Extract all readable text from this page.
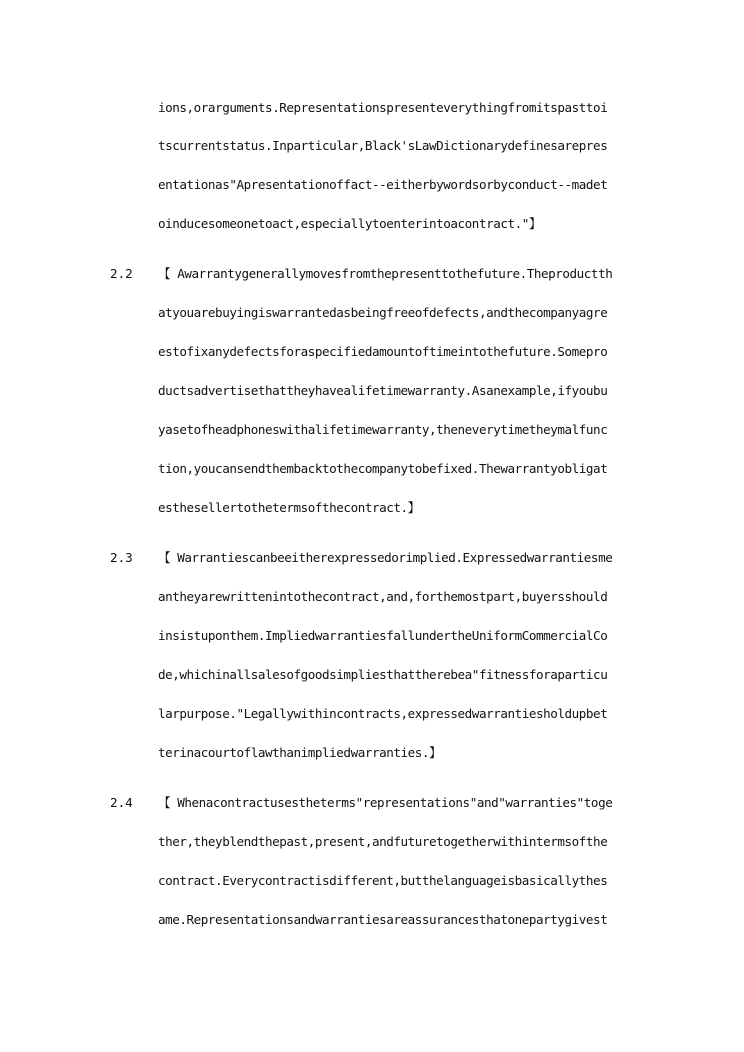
ions,orarguments.Representationspresenteverythingfromitspasttoi
tscurrentstatus.Inparticular,Black'sLawDictionarydefinesarepres
entationas"Apresentationoffact--eitherbywordsorbyconduct--madet
oinducesomeonetoact,especiallytoenterintoacontract."】
2.2 【 Awarrantygenerallymovesfromthepresenttothefuture.Theproductth
atyouarebuyingiswarrantedasbeingfreeofdefects,andthecompanyagre
estofixanydefectsforaspecifiedamountoftimeintothefuture.Somepro
ductsadvertisethattheyhavealifetimewarranty.Asanexample,ifyoubu
yasetofheadphoneswithalifetimewarranty,theneverytimetheymalfunc
tion,youcansendthembacktothecompanytobefixed.Thewarrantyobligat
esthesellertothetermsofthecontract.】
2.3 【 Warrantiescanbeeitherexpressedorimplied.Expressedwarrantiesme
antheyarewrittenintothecontract,and,forthemostpart,buyersshould
insistuponthem.ImpliedwarrantiesfallundertheUniformCommercialCo
de,whichinallsalesofgoodsimpliesthattherebea"fitnessforaparticu
larpurpose."Legallywithincontracts,expressedwarrantiesholdupbet
terinacourtoflawthanimpliedwarranties.】
2.4 【 Whenacontractusestheterms"representations"and"warranties"toge
ther,theyblendthepast,present,andfuturetogetherwithintermsofthe
contract.Everycontractisdifferent,butthelanguageisbasicallythes
ame.Representationsandwarrantiesareassurancesthatonepartygivest
